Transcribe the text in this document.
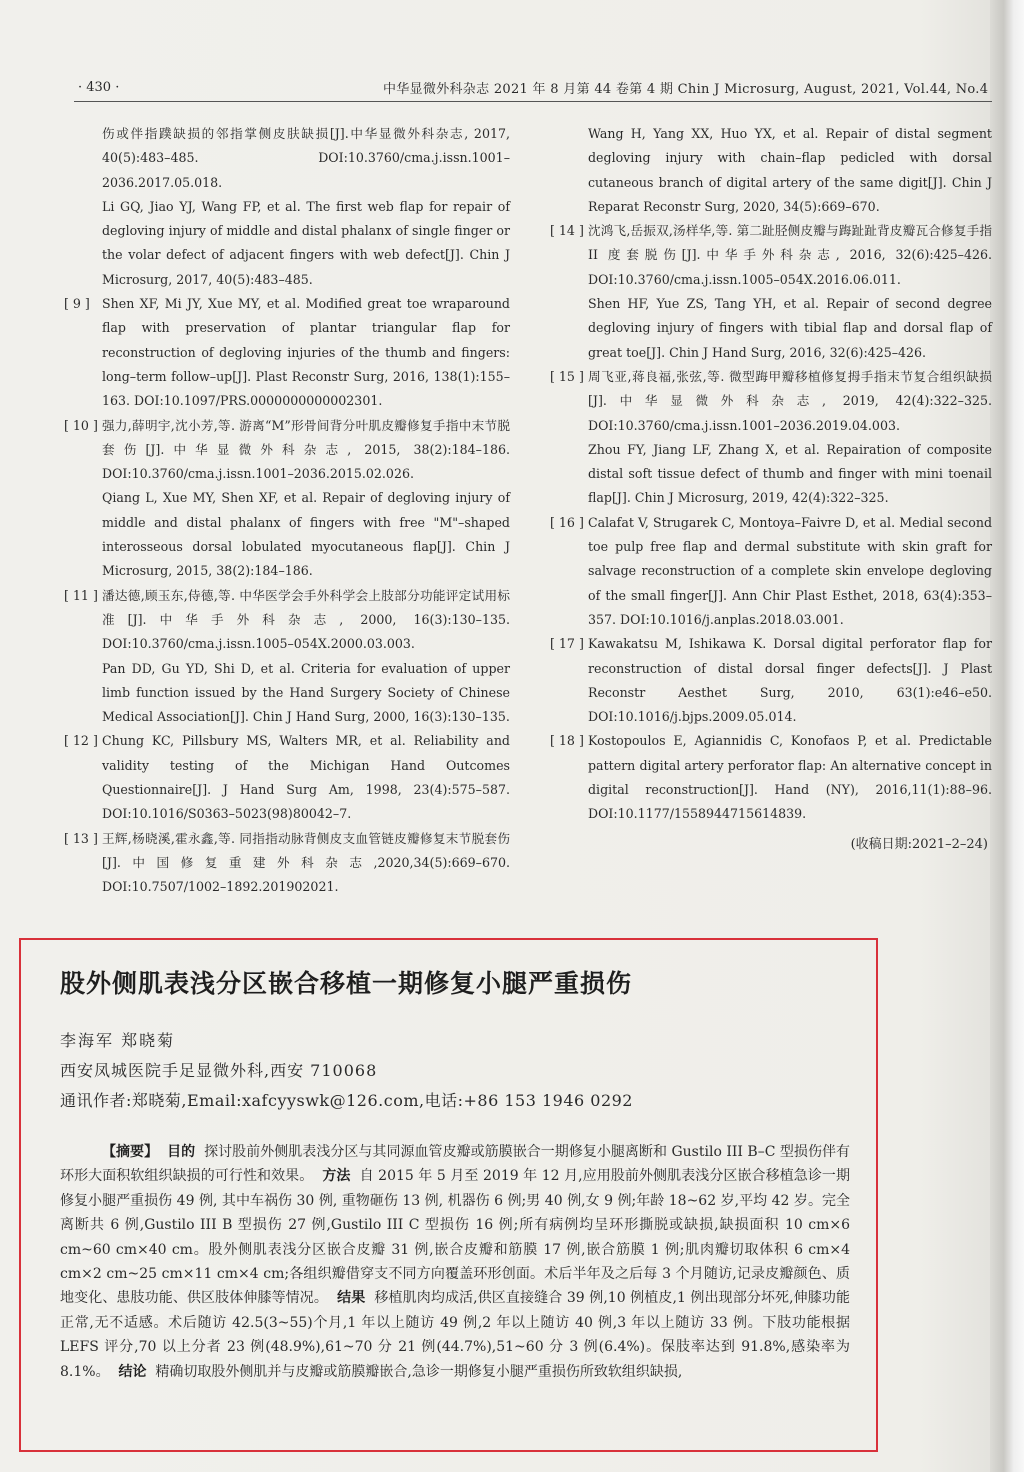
· 430 ·	中华显微外科杂志 2021 年 8 月第 44 卷第 4 期 Chin J Microsurg, August, 2021, Vol.44, No.4
伤或伴指蹼缺损的邻指掌侧皮肤缺损[J].中华显微外科杂志, 2017, 40(5):483–485. DOI:10.3760/cma.j.issn.1001–2036.2017.05.018.
Li GQ, Jiao YJ, Wang FP, et al. The first web flap for repair of degloving injury of middle and distal phalanx of single finger or the volar defect of adjacent fingers with web defect[J]. Chin J Microsurg, 2017, 40(5):483–485.
[ 9 ] Shen XF, Mi JY, Xue MY, et al. Modified great toe wraparound flap with preservation of plantar triangular flap for reconstruction of degloving injuries of the thumb and fingers: long–term follow–up[J]. Plast Reconstr Surg, 2016, 138(1):155–163. DOI:10.1097/PRS.0000000000002301.
[ 10 ] 强力,薛明宇,沈小芳,等. 游离“M”形骨间背分叶肌皮瓣修复手指中末节脱套伤[J].中华显微外科杂志, 2015, 38(2):184–186. DOI:10.3760/cma.j.issn.1001–2036.2015.02.026.
Qiang L, Xue MY, Shen XF, et al. Repair of degloving injury of middle and distal phalanx of fingers with free "M"–shaped interosseous dorsal lobulated myocutaneous flap[J]. Chin J Microsurg, 2015, 38(2):184–186.
[ 11 ] 潘达德,顾玉东,侍德,等. 中华医学会手外科学会上肢部分功能评定试用标准[J].中华手外科杂志, 2000, 16(3):130–135. DOI:10.3760/cma.j.issn.1005–054X.2000.03.003.
Pan DD, Gu YD, Shi D, et al. Criteria for evaluation of upper limb function issued by the Hand Surgery Society of Chinese Medical Association[J]. Chin J Hand Surg, 2000, 16(3):130–135.
[ 12 ] Chung KC, Pillsbury MS, Walters MR, et al. Reliability and validity testing of the Michigan Hand Outcomes Questionnaire[J]. J Hand Surg Am, 1998, 23(4):575–587. DOI:10.1016/S0363–5023(98)80042–7.
[ 13 ] 王辉,杨晓溪,霍永鑫,等. 同指指动脉背侧皮支血管链皮瓣修复末节脱套伤[J].中国修复重建外科杂志,2020,34(5):669–670. DOI:10.7507/1002–1892.201902021.
Wang H, Yang XX, Huo YX, et al. Repair of distal segment degloving injury with chain–flap pedicled with dorsal cutaneous branch of digital artery of the same digit[J]. Chin J Reparat Reconstr Surg, 2020, 34(5):669–670.
[ 14 ] 沈鸿飞,岳振双,汤样华,等. 第二趾胫侧皮瓣与踇趾趾背皮瓣瓦合修复手指 II 度套脱伤[J].中华手外科杂志, 2016, 32(6):425–426. DOI:10.3760/cma.j.issn.1005–054X.2016.06.011.
Shen HF, Yue ZS, Tang YH, et al. Repair of second degree degloving injury of fingers with tibial flap and dorsal flap of great toe[J]. Chin J Hand Surg, 2016, 32(6):425–426.
[ 15 ] 周飞亚,蒋良福,张弦,等. 微型踇甲瓣移植修复拇手指末节复合组织缺损[J].中华显微外科杂志, 2019, 42(4):322–325. DOI:10.3760/cma.j.issn.1001–2036.2019.04.003.
Zhou FY, Jiang LF, Zhang X, et al. Repairation of composite distal soft tissue defect of thumb and finger with mini toenail flap[J]. Chin J Microsurg, 2019, 42(4):322–325.
[ 16 ] Calafat V, Strugarek C, Montoya–Faivre D, et al. Medial second toe pulp free flap and dermal substitute with skin graft for salvage reconstruction of a complete skin envelope degloving of the small finger[J]. Ann Chir Plast Esthet, 2018, 63(4):353–357. DOI:10.1016/j.anplas.2018.03.001.
[ 17 ] Kawakatsu M, Ishikawa K. Dorsal digital perforator flap for reconstruction of distal dorsal finger defects[J]. J Plast Reconstr Aesthet Surg, 2010, 63(1):e46–e50. DOI:10.1016/j.bjps.2009.05.014.
[ 18 ] Kostopoulos E, Agiannidis C, Konofaos P, et al. Predictable pattern digital artery perforator flap: An alternative concept in digital reconstruction[J]. Hand (NY), 2016,11(1):88–96. DOI:10.1177/1558944715614839.
(收稿日期:2021–2–24)
股外侧肌表浅分区嵌合移植一期修复小腿严重损伤
李海军 郑晓菊
西安凤城医院手足显微外科,西安 710068
通讯作者:郑晓菊,Email:xafcyyswk@126.com,电话:+86 153 1946 0292
【摘要】 目的 探讨股前外侧肌表浅分区与其同源血管皮瓣或筋膜嵌合一期修复小腿离断和 Gustilo III B–C 型损伤伴有环形大面积软组织缺损的可行性和效果。 方法 自 2015 年 5 月至 2019 年 12 月,应用股前外侧肌表浅分区嵌合移植急诊一期修复小腿严重损伤 49 例, 其中车祸伤 30 例, 重物砸伤 13 例, 机器伤 6 例;男 40 例,女 9 例;年龄 18~62 岁,平均 42 岁。完全离断共 6 例,Gustilo III B 型损伤 27 例,Gustilo III C 型损伤 16 例;所有病例均呈环形撕脱或缺损,缺损面积 10 cm×6 cm~60 cm×40 cm。股外侧肌表浅分区嵌合皮瓣 31 例,嵌合皮瓣和筋膜 17 例,嵌合筋膜 1 例;肌肉瓣切取体积 6 cm×4 cm×2 cm~25 cm×11 cm×4 cm;各组织瓣借穿支不同方向覆盖环形创面。术后半年及之后每 3 个月随访,记录皮瓣颜色、质地变化、患肢功能、供区肢体伸膝等情况。 结果 移植肌肉均成活,供区直接缝合 39 例,10 例植皮,1 例出现部分坏死,伸膝功能正常,无不适感。术后随访 42.5(3~55)个月,1 年以上随访 49 例,2 年以上随访 40 例,3 年以上随访 33 例。下肢功能根据 LEFS 评分,70 以上分者 23 例(48.9%),61~70 分 21 例(44.7%),51~60 分 3 例(6.4%)。保肢率达到 91.8%,感染率为 8.1%。 结论 精确切取股外侧肌并与皮瓣或筋膜瓣嵌合,急诊一期修复小腿严重损伤所致软组织缺损,
